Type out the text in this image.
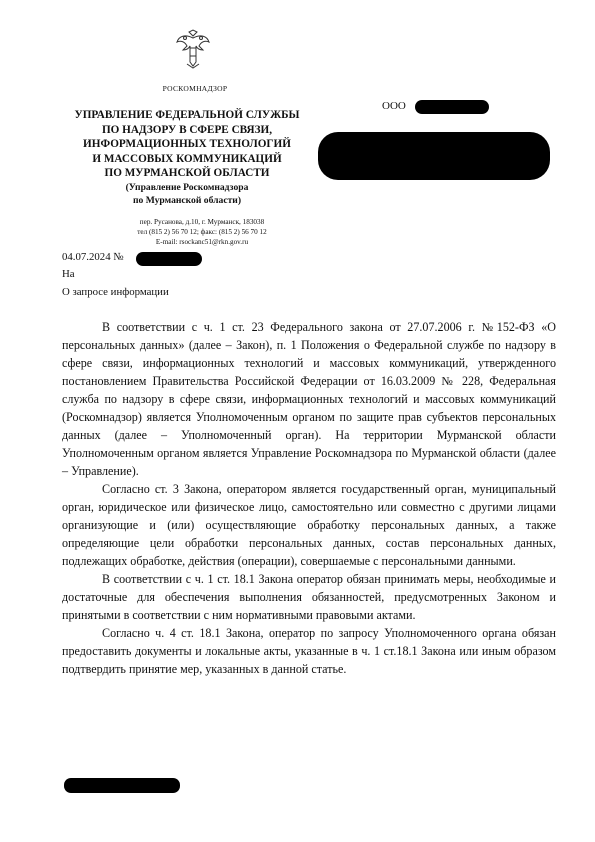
РОСКОМНАДЗОР
УПРАВЛЕНИЕ ФЕДЕРАЛЬНОЙ СЛУЖБЫ
ПО НАДЗОРУ В СФЕРЕ СВЯЗИ,
ИНФОРМАЦИОННЫХ ТЕХНОЛОГИЙ
И МАССОВЫХ КОММУНИКАЦИЙ
ПО МУРМАНСКОЙ ОБЛАСТИ
(Управление Роскомнадзора
по Мурманской области)
пер. Русанова, д.10, г. Мурманск, 183038
тел (815 2) 56 70 12; факс: (815 2) 56 70 12
E-mail: rsockanc51@rkn.gov.ru
ООО
04.07.2024 №
На
О запросе информации

В соответствии с ч. 1 ст. 23 Федерального закона от 27.07.2006 г. №152-ФЗ «О персональных данных» (далее – Закон), п. 1 Положения о Федеральной службе по надзору в сфере связи, информационных технологий и массовых коммуникаций, утвержденного постановлением Правительства Российской Федерации от 16.03.2009 № 228, Федеральная служба по надзору в сфере связи, информационных технологий и массовых коммуникаций (Роскомнадзор) является Уполномоченным органом по защите прав субъектов персональных данных (далее – Уполномоченный орган). На территории Мурманской области Уполномоченным органом является Управление Роскомнадзора по Мурманской области (далее – Управление).

Согласно ст. 3 Закона, оператором является государственный орган, муниципальный орган, юридическое или физическое лицо, самостоятельно или совместно с другими лицами организующие и (или) осуществляющие обработку персональных данных, а также определяющие цели обработки персональных данных, состав персональных данных, подлежащих обработке, действия (операции), совершаемые с персональными данными.

В соответствии с ч. 1 ст. 18.1 Закона оператор обязан принимать меры, необходимые и достаточные для обеспечения выполнения обязанностей, предусмотренных Законом и принятыми в соответствии с ним нормативными правовыми актами.

Согласно ч. 4 ст. 18.1 Закона, оператор по запросу Уполномоченного органа обязан предоставить документы и локальные акты, указанные в ч. 1 ст.18.1 Закона или иным образом подтвердить принятие мер, указанных в данной статье.
